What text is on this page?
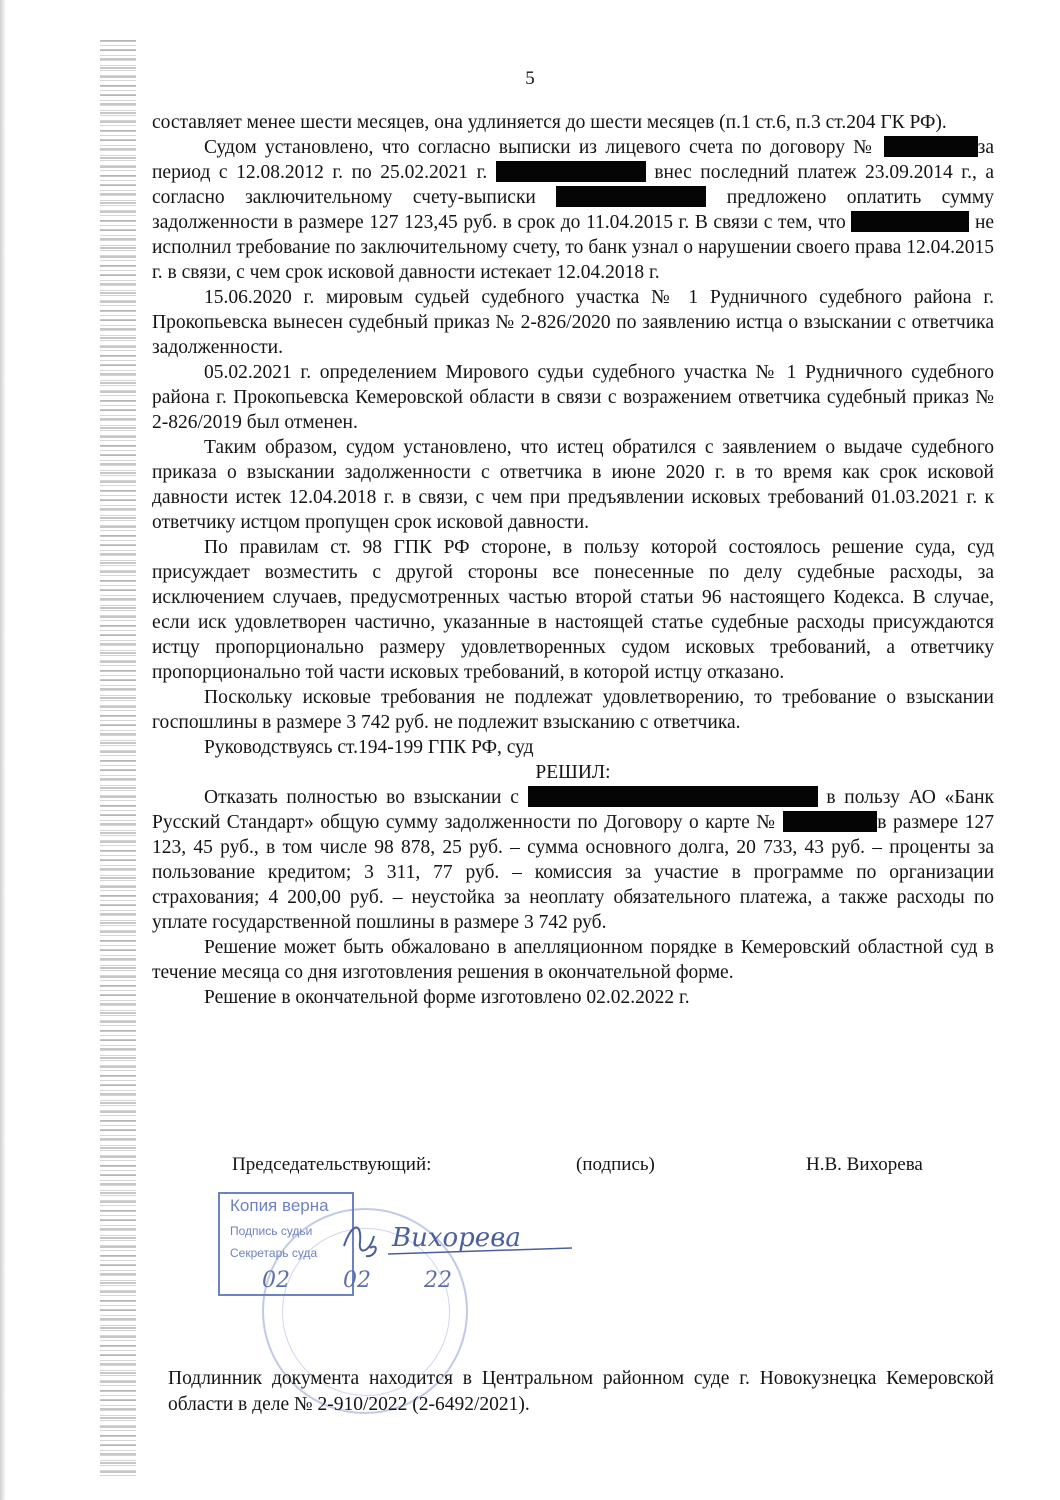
5

составляет менее шести месяцев, она удлиняется до шести месяцев (п.1 ст.6, п.3 ст.204 ГК РФ).

Судом установлено, что согласно выписки из лицевого счета по договору №	за период с 12.08.2012 г. по 25.02.2021 г.	внес последний платеж 23.09.2014 г., а согласно заключительному счету-выписки	предложено оплатить сумму задолженности в размере 127 123,45 руб. в срок до 11.04.2015 г. В связи с тем, что	не исполнил требование по заключительному счету, то банк узнал о нарушении своего права 12.04.2015 г. в связи, с чем срок исковой давности истекает 12.04.2018 г.

15.06.2020 г. мировым судьей судебного участка № 1 Рудничного судебного района г. Прокопьевска вынесен судебный приказ № 2-826/2020 по заявлению истца о взыскании с ответчика задолженности.

05.02.2021 г. определением Мирового судьи судебного участка № 1 Рудничного судебного района г. Прокопьевска Кемеровской области в связи с возражением ответчика судебный приказ № 2-826/2019 был отменен.

Таким образом, судом установлено, что истец обратился с заявлением о выдаче судебного приказа о взыскании задолженности с ответчика в июне 2020 г. в то время как срок исковой давности истек 12.04.2018 г. в связи, с чем при предъявлении исковых требований 01.03.2021 г. к ответчику истцом пропущен срок исковой давности.

По правилам ст. 98 ГПК РФ стороне, в пользу которой состоялось решение суда, суд присуждает возместить с другой стороны все понесенные по делу судебные расходы, за исключением случаев, предусмотренных частью второй статьи 96 настоящего Кодекса. В случае, если иск удовлетворен частично, указанные в настоящей статье судебные расходы присуждаются истцу пропорционально размеру удовлетворенных судом исковых требований, а ответчику пропорционально той части исковых требований, в которой истцу отказано.

Поскольку исковые требования не подлежат удовлетворению, то требование о взыскании госпошлины в размере 3 742 руб. не подлежит взысканию с ответчика.

Руководствуясь ст.194-199 ГПК РФ, суд

РЕШИЛ:

Отказать полностью во взыскании с	в пользу АО «Банк Русский Стандарт» общую сумму задолженности по Договору о карте №	в размере 127 123, 45 руб., в том числе 98 878, 25 руб. – сумма основного долга, 20 733, 43 руб. – проценты за пользование кредитом; 3 311, 77 руб. – комиссия за участие в программе по организации страхования; 4 200,00 руб. – неустойка за неоплату обязательного платежа, а также расходы по уплате государственной пошлины в размере 3 742 руб.

Решение может быть обжаловано в апелляционном порядке в Кемеровский областной суд в течение месяца со дня изготовления решения в окончательной форме.

Решение в окончательной форме изготовлено 02.02.2022 г.

Председательствующий:	(подпись)	Н.В. Вихорева
Копия верна
Подпись судьи
Секретарь суда	Вихорева
02 02 22

Подлинник документа находится в Центральном районном суде г. Новокузнецка Кемеровской области в деле № 2-910/2022 (2-6492/2021).
